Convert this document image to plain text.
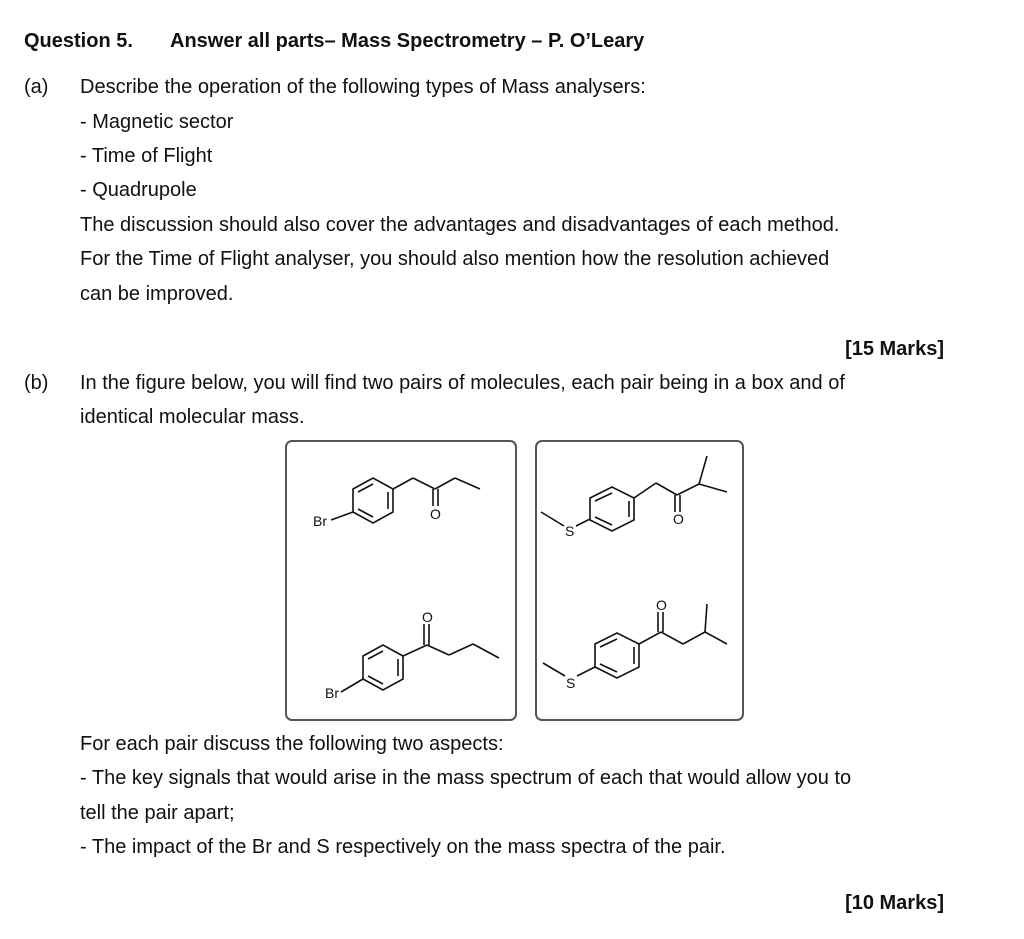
Question 5. Answer all parts– Mass Spectrometry – P. O’Leary
(a) Describe the operation of the following types of Mass analysers:
- Magnetic sector
- Time of Flight
- Quadrupole
The discussion should also cover the advantages and disadvantages of each method.
For the Time of Flight analyser, you should also mention how the resolution achieved
can be improved.
[15 Marks]
(b) In the figure below, you will find two pairs of molecules, each pair being in a box and of
identical molecular mass.
Br	O
Br
O
S
O
S
O
For each pair discuss the following two aspects:
- The key signals that would arise in the mass spectrum of each that would allow you to
tell the pair apart;
- The impact of the Br and S respectively on the mass spectra of the pair.
[10 Marks]
